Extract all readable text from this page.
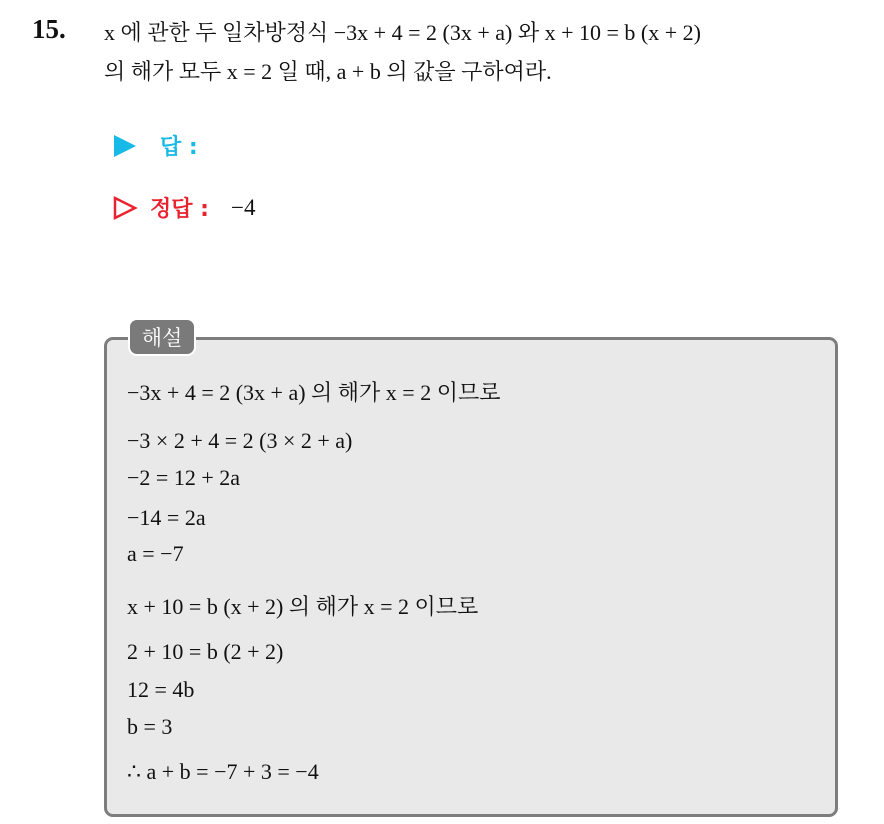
15. x 에 관한 두 일차방정식 −3x + 4 = 2 (3x + a) 와 x + 10 = b (x + 2)
의 해가 모두 x = 2 일 때, a + b 의 값을 구하여라.
답 :
정답 : −4
해설
−3x + 4 = 2 (3x + a) 의 해가 x = 2 이므로
−3 × 2 + 4 = 2 (3 × 2 + a)
−2 = 12 + 2a
−14 = 2a
a = −7
x + 10 = b (x + 2) 의 해가 x = 2 이므로
2 + 10 = b (2 + 2)
12 = 4b
b = 3
∴ a + b = −7 + 3 = −4
